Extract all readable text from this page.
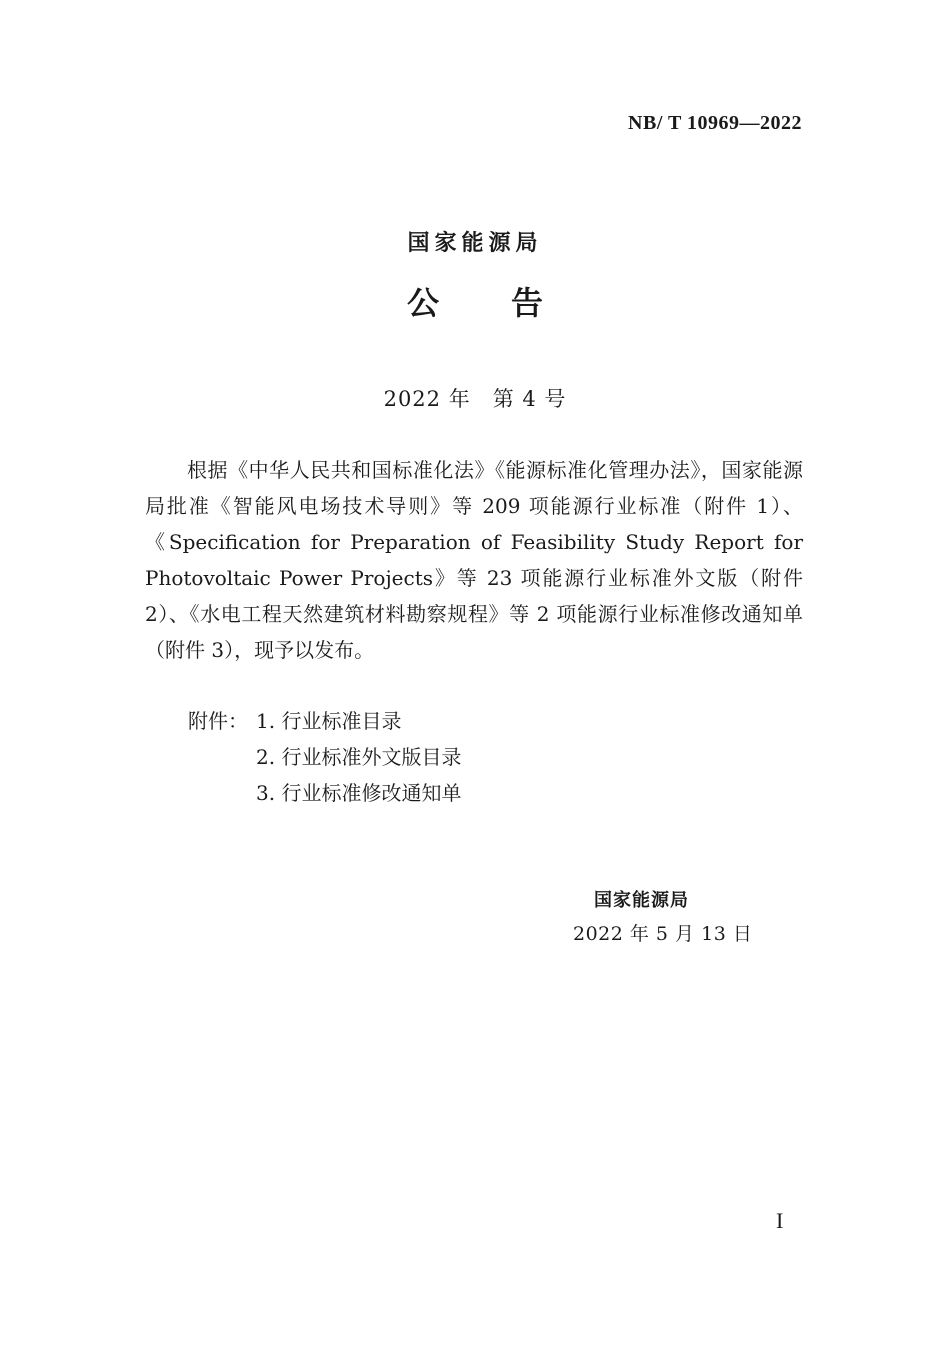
NB/ T 10969—2022
国家能源局
公告
2022 年　第 4 号

根据《中华人民共和国标准化法》《能源标准化管理办法》，国家能源局批准《智能风电场技术导则》等 209 项能源行业标准（附件 1）、《Specification for Preparation of Feasibility Study Report for Photovoltaic Power Projects》等 23 项能源行业标准外文版（附件 2）、《水电工程天然建筑材料勘察规程》等 2 项能源行业标准修改通知单（附件 3），现予以发布。

附件： 1. 行业标准目录
2. 行业标准外文版目录
3. 行业标准修改通知单
国家能源局
2022 年 5 月 13 日
I
